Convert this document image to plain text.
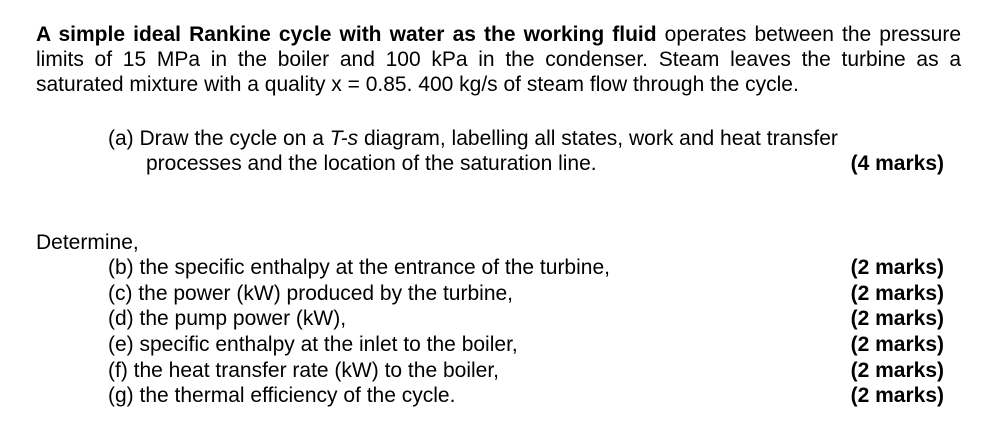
A simple ideal Rankine cycle with water as the working fluid operates between the pressure limits of 15 MPa in the boiler and 100 kPa in the condenser. Steam leaves the turbine as a saturated mixture with a quality x = 0.85. 400 kg/s of steam flow through the cycle.
(a) Draw the cycle on a T-s diagram, labelling all states, work and heat transfer
processes and the location of the saturation line.	(4 marks)
Determine,
(b) the specific enthalpy at the entrance of the turbine,	(2 marks)
(c) the power (kW) produced by the turbine,	(2 marks)
(d) the pump power (kW),	(2 marks)
(e) specific enthalpy at the inlet to the boiler,	(2 marks)
(f) the heat transfer rate (kW) to the boiler,	(2 marks)
(g) the thermal efficiency of the cycle.	(2 marks)
